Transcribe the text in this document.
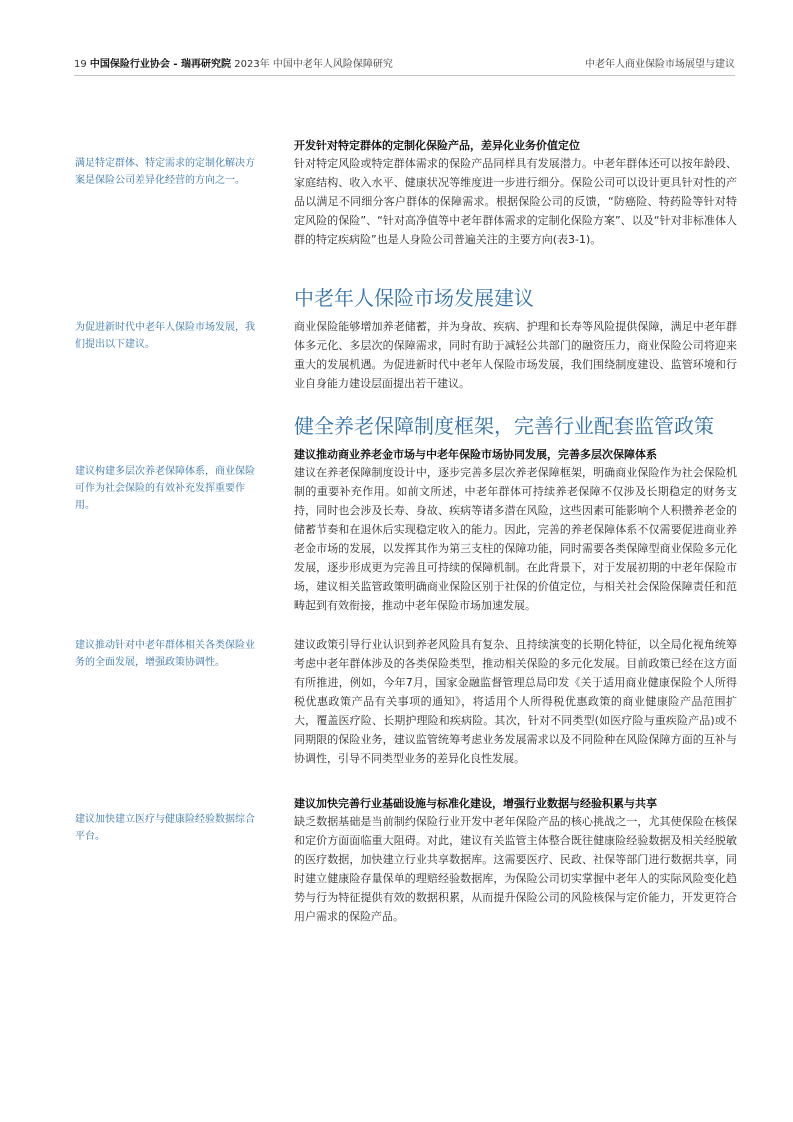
19 中国保险行业协会 - 瑞再研究院 2023年 中国中老年人风险保障研究	中老年人商业保险市场展望与建议
满足特定群体、特定需求的定制化解决方案是保险公司差异化经营的方向之一。
开发针对特定群体的定制化保险产品，差异化业务价值定位
针对特定风险或特定群体需求的保险产品同样具有发展潜力。中老年群体还可以按年龄段、家庭结构、收入水平、健康状况等维度进一步进行细分。保险公司可以设计更具针对性的产品以满足不同细分客户群体的保障需求。根据保险公司的反馈，“防癌险、特药险等针对特定风险的保险”、“针对高净值等中老年群体需求的定制化保险方案”、以及“针对非标准体人群的特定疾病险”也是人身险公司普遍关注的主要方向(表3-1)。
中老年人保险市场发展建议
为促进新时代中老年人保险市场发展，我们提出以下建议。
商业保险能够增加养老储蓄，并为身故、疾病、护理和长寿等风险提供保障，满足中老年群体多元化、多层次的保障需求，同时有助于减轻公共部门的融资压力，商业保险公司将迎来重大的发展机遇。为促进新时代中老年人保险市场发展，我们围绕制度建设、监管环境和行业自身能力建设层面提出若干建议。
健全养老保障制度框架，完善行业配套监管政策
建议推动商业养老金市场与中老年保险市场协同发展，完善多层次保障体系
建议在养老保障制度设计中，逐步完善多层次养老保障框架，明确商业保险作为社会保险机制的重要补充作用。如前文所述，中老年群体可持续养老保障不仅涉及长期稳定的财务支持，同时也会涉及长寿、身故、疾病等诸多潜在风险，这些因素可能影响个人积攒养老金的储蓄节奏和在退休后实现稳定收入的能力。因此，完善的养老保障体系不仅需要促进商业养老金市场的发展，以发挥其作为第三支柱的保障功能，同时需要各类保障型商业保险多元化发展，逐步形成更为完善且可持续的保障机制。在此背景下，对于发展初期的中老年保险市场，建议相关监管政策明确商业保险区别于社保的价值定位，与相关社会保险保障责任和范畴起到有效衔接，推动中老年保险市场加速发展。
建议构建多层次养老保障体系，商业保险可作为社会保险的有效补充发挥重要作用。
建议推动针对中老年群体相关各类保险业务的全面发展，增强政策协调性。
建议政策引导行业认识到养老风险具有复杂、且持续演变的长期化特征，以全局化视角统筹考虑中老年群体涉及的各类保险类型，推动相关保险的多元化发展。目前政策已经在这方面有所推进，例如，今年7月，国家金融监督管理总局印发《关于适用商业健康保险个人所得税优惠政策产品有关事项的通知》，将适用个人所得税优惠政策的商业健康险产品范围扩大，覆盖医疗险、长期护理险和疾病险。其次，针对不同类型(如医疗险与重疾险产品)或不同期限的保险业务，建议监管统筹考虑业务发展需求以及不同险种在风险保障方面的互补与协调性，引导不同类型业务的差异化良性发展。
建议加快完善行业基础设施与标准化建设，增强行业数据与经验积累与共享
缺乏数据基础是当前制约保险行业开发中老年保险产品的核心挑战之一，尤其使保险在核保和定价方面面临重大阻碍。对此，建议有关监管主体整合既往健康险经验数据及相关经脱敏的医疗数据，加快建立行业共享数据库。这需要医疗、民政、社保等部门进行数据共享，同时建立健康险存量保单的理赔经验数据库，为保险公司切实掌握中老年人的实际风险变化趋势与行为特征提供有效的数据积累，从而提升保险公司的风险核保与定价能力，开发更符合用户需求的保险产品。
建议加快建立医疗与健康险经验数据综合平台。
